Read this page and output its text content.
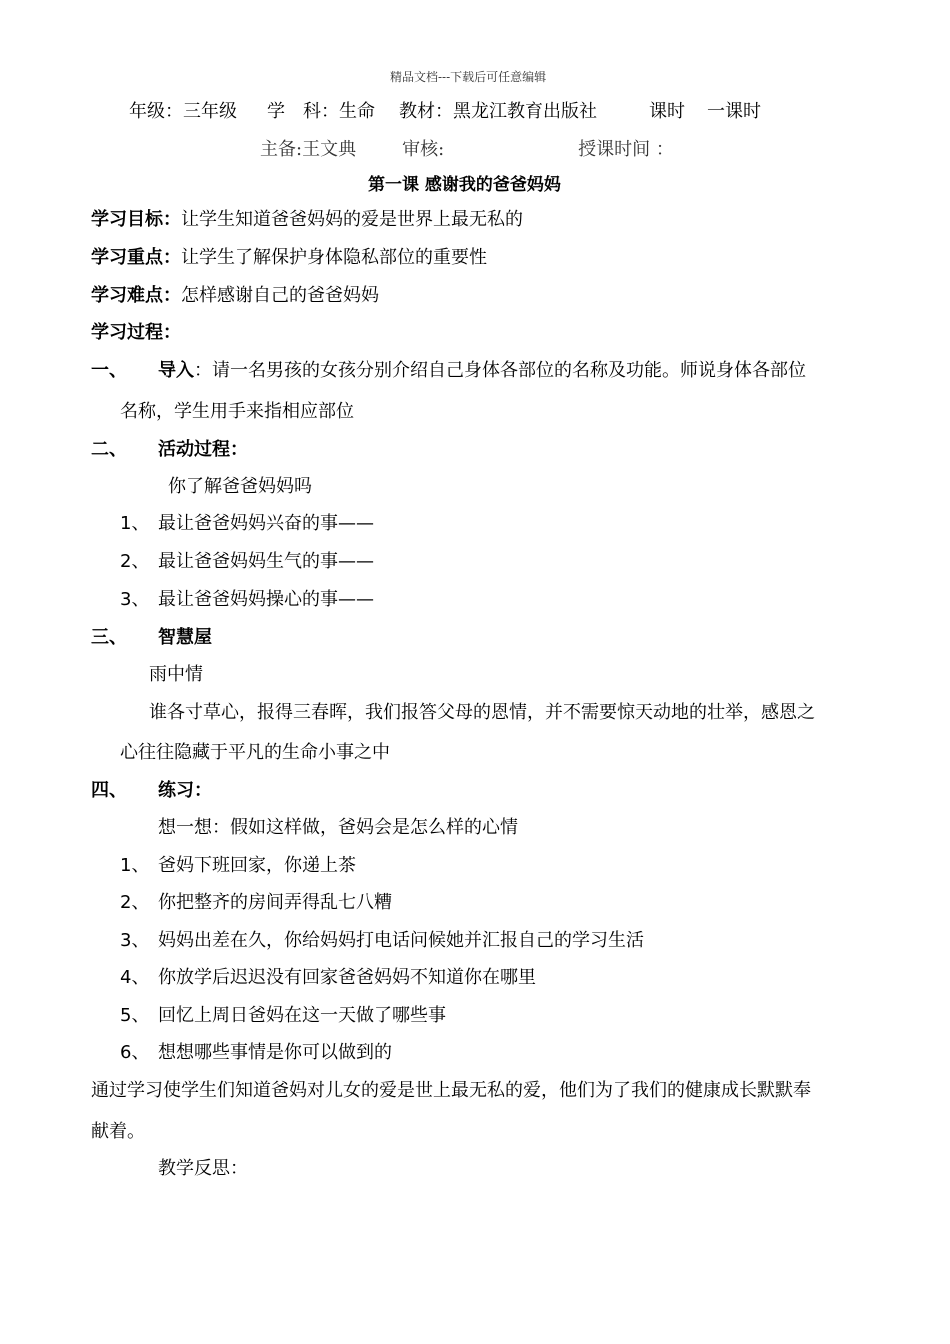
精品文档---下载后可任意编辑
年级：三年级 学　科：生命 教材：黑龙江教育出版社	课时 一课时
主备:王文典	审核:	授课时间 ：
第一课 感谢我的爸爸妈妈
学习目标：让学生知道爸爸妈妈的爱是世界上最无私的
学习重点：让学生了解保护身体隐私部位的重要性
学习难点：怎样感谢自己的爸爸妈妈
学习过程：
一、 导入：请一名男孩的女孩分别介绍自己身体各部位的名称及功能。师说身体各部位
名称，学生用手来指相应部位
二、 活动过程：
你了解爸爸妈妈吗
1、 最让爸爸妈妈兴奋的事——
2、 最让爸爸妈妈生气的事——
3、 最让爸爸妈妈操心的事——
三、 智慧屋
雨中情
谁各寸草心，报得三春晖，我们报答父母的恩情，并不需要惊天动地的壮举，感恩之
心往往隐藏于平凡的生命小事之中
四、 练习：
想一想：假如这样做，爸妈会是怎么样的心情
1、 爸妈下班回家，你递上茶
2、 你把整齐的房间弄得乱七八糟
3、 妈妈出差在久，你给妈妈打电话问候她并汇报自己的学习生活
4、 你放学后迟迟没有回家爸爸妈妈不知道你在哪里
5、 回忆上周日爸妈在这一天做了哪些事
6、 想想哪些事情是你可以做到的
通过学习使学生们知道爸妈对儿女的爱是世上最无私的爱，他们为了我们的健康成长默默奉
献着。
教学反思：
